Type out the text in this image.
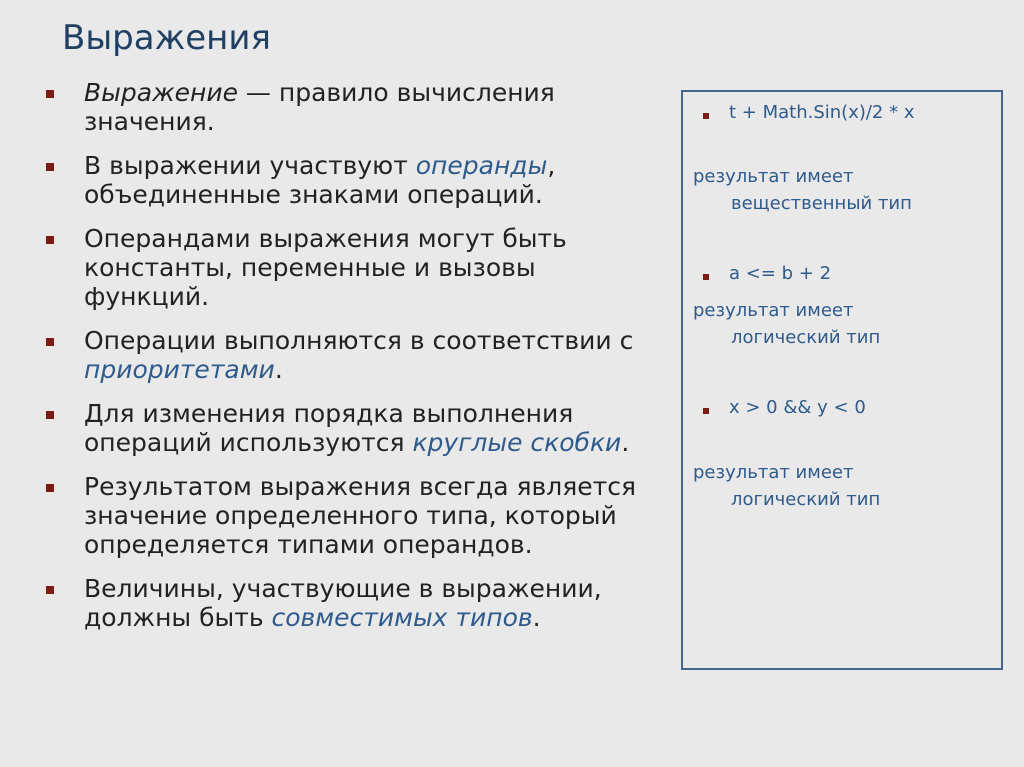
Выражения
Выражение — правило вычисления значения.
В выражении участвуют операнды, объединенные знаками операций.
Операндами выражения могут быть константы, переменные и вызовы функций.
Операции выполняются в соответствии с приоритетами.
Для изменения порядка выполнения операций используются круглые скобки.
Результатом выражения всегда является значение определенного типа, который определяется типами операндов.
Величины, участвующие в выражении, должны быть совместимых типов.
t + Math.Sin(x)/2 * x
результат имеет
вещественный тип
a <= b + 2
результат имеет
логический тип
x > 0 && y < 0
результат имеет
логический тип
